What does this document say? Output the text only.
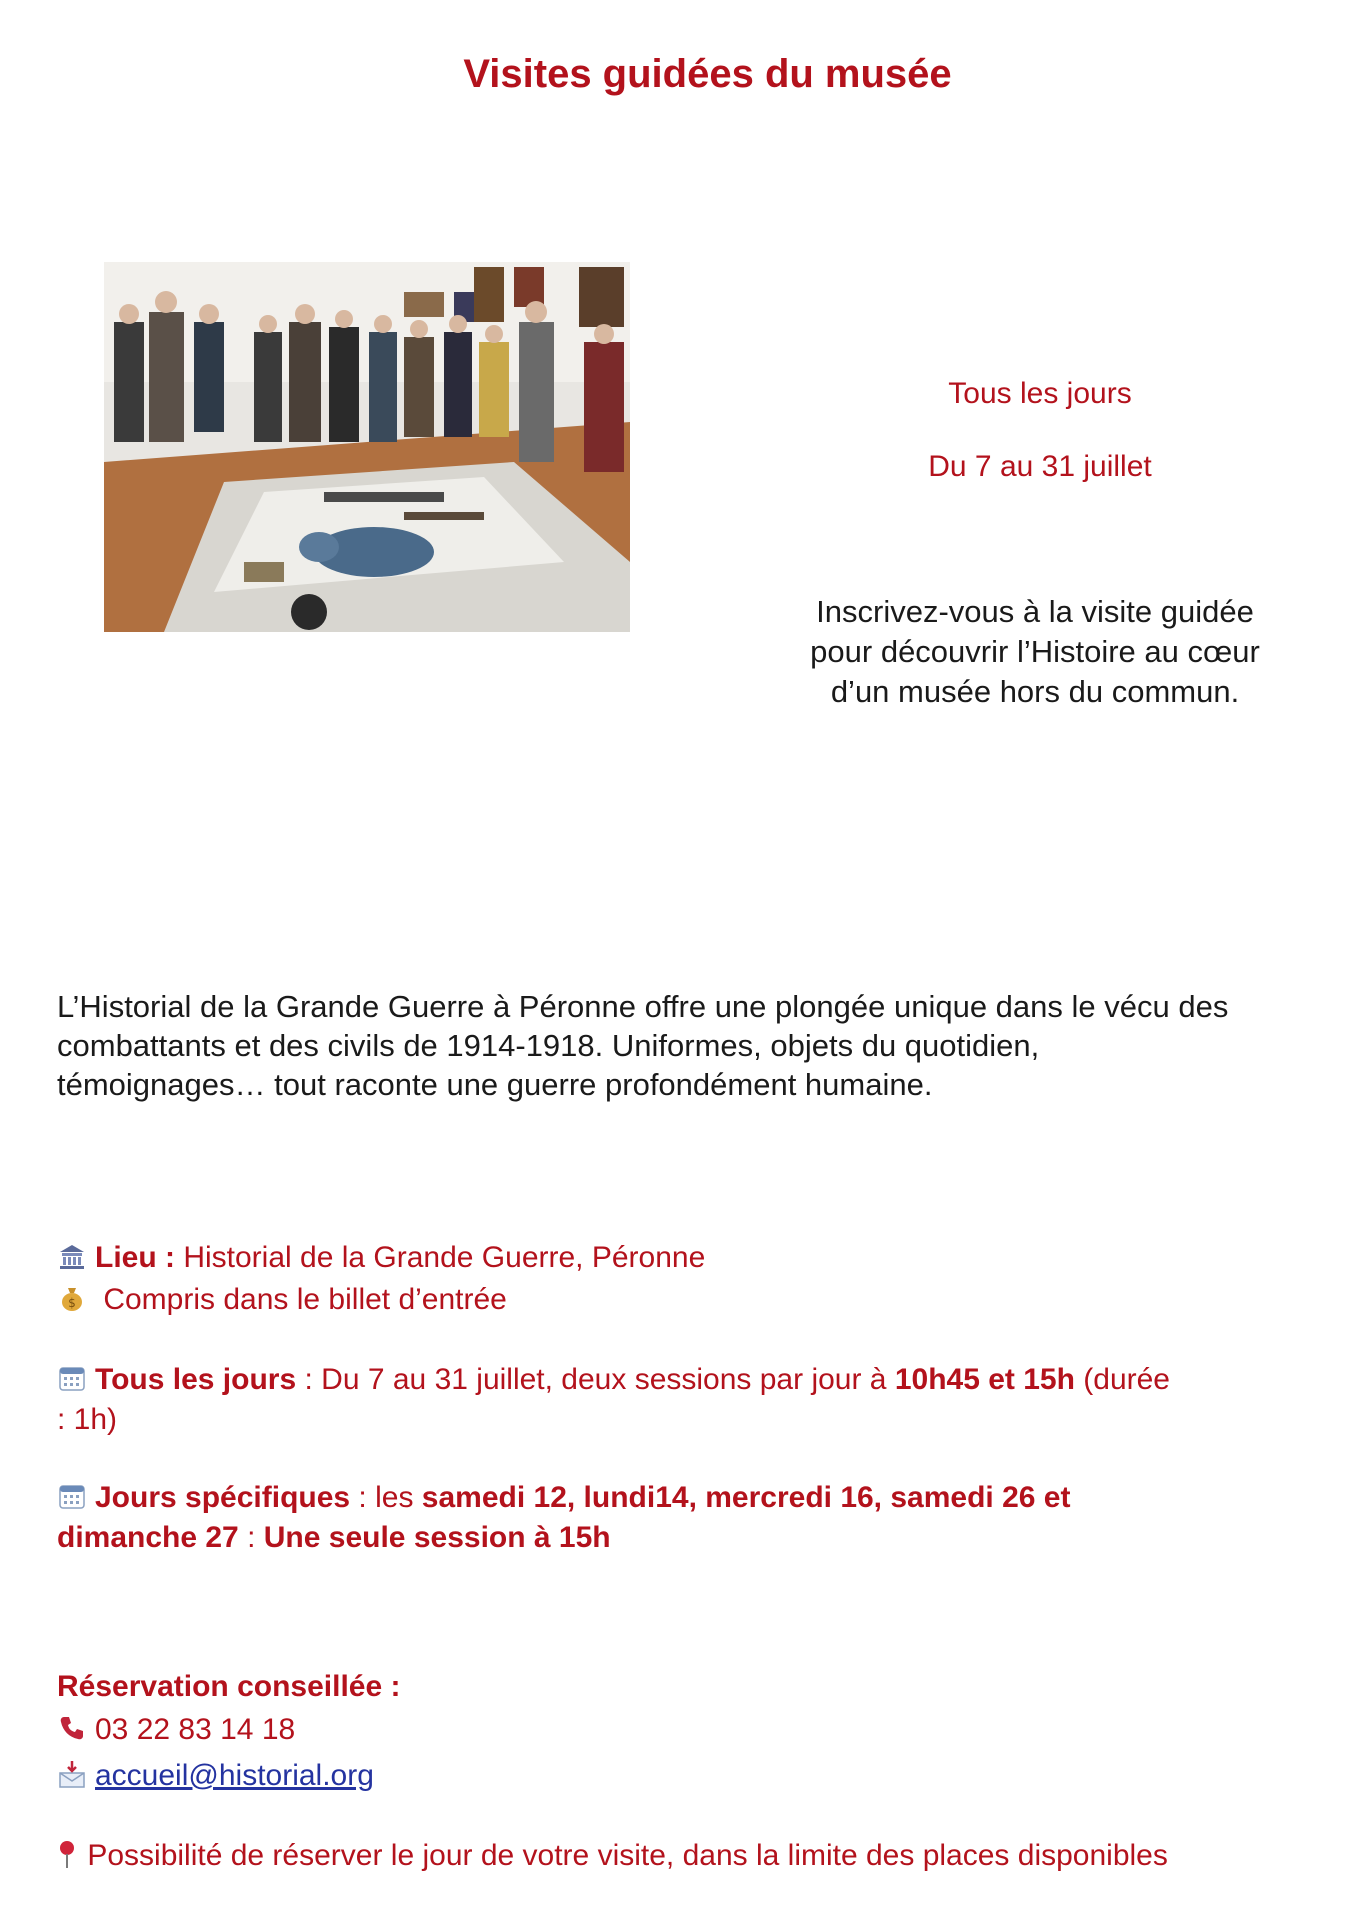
Visites guidées du musée
Tous les jours
Du 7 au 31 juillet
Inscrivez-vous à la visite guidée
pour découvrir l’Histoire au cœur
d’un musée hors du commun.
L’Historial de la Grande Guerre à Péronne offre une plongée unique dans le vécu des
combattants et des civils de 1914-1918. Uniformes, objets du quotidien,
témoignages… tout raconte une guerre profondément humaine.
Lieu : Historial de la Grande Guerre, Péronne
$ Compris dans le billet d’entrée
Tous les jours : Du 7 au 31 juillet, deux sessions par jour à 10h45 et 15h (durée
: 1h)
Jours spécifiques : les samedi 12, lundi14, mercredi 16, samedi 26 et
dimanche 27 : Une seule session à 15h
Réservation conseillée :
03 22 83 14 18
accueil@historial.org
Possibilité de réserver le jour de votre visite, dans la limite des places disponibles
